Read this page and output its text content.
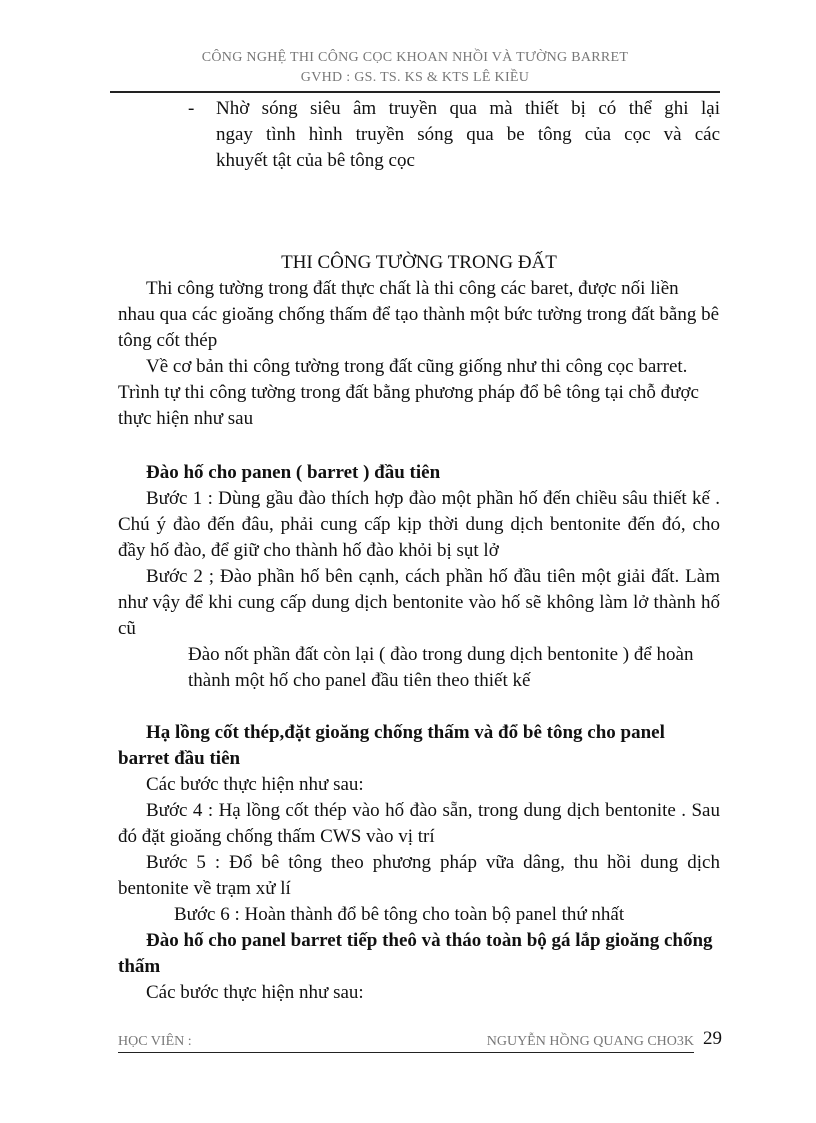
CÔNG NGHỆ THI CÔNG CỌC KHOAN NHỒI VÀ TƯỜNG BARRET
GVHD : GS. TS. KS & KTS LÊ KIỀU
-	Nhờ sóng siêu âm truyền qua mà thiết bị có thể ghi lại
ngay tình hình truyền sóng qua be tông của cọc và các
khuyết tật của bê tông cọc
THI CÔNG TƯỜNG TRONG ĐẤT
Thi công tường trong đất thực chất là thi công các baret, được nối liền nhau qua các gioăng chống thấm để tạo thành một bức tường trong đất bằng bê tông cốt thép
Về cơ bản thi công tường trong đất cũng giống như thi công cọc barret. Trình tự thi công tường trong đất bằng phương pháp đổ bê tông tại chỗ được thực hiện như sau
Đào hố cho panen ( barret ) đầu tiên
Bước 1 : Dùng gầu đào thích hợp đào một phần hố đến chiều sâu thiết kế . Chú ý đào đến đâu, phải cung cấp kịp thời dung dịch bentonite đến đó, cho đầy hố đào, để giữ cho thành hố đào khỏi bị sụt lở
Bước 2 ; Đào phần hố bên cạnh, cách phần hố đầu tiên một giải đất. Làm như vậy để khi cung cấp dung dịch bentonite vào hố sẽ không làm lở thành hố cũ
Đào nốt phần đất còn lại ( đào trong dung dịch bentonite ) để hoàn thành một hố cho panel đầu tiên theo thiết kế
Hạ lồng cốt thép,đặt gioăng chống thấm và đổ bê tông cho panel barret đầu tiên
Các bước thực hiện như sau:
Bước 4 : Hạ lồng cốt thép vào hố đào sẵn, trong dung dịch bentonite . Sau đó đặt gioăng chống thấm CWS vào vị trí
Bước 5 : Đổ bê tông theo phương pháp vữa dâng, thu hồi dung dịch bentonite về trạm xử lí
Bước 6 : Hoàn thành đổ bê tông cho toàn bộ panel thứ nhất
Đào hố cho panel barret tiếp theô và tháo toàn bộ gá lắp gioăng chống thấm
Các bước thực hiện như sau:
HỌC VIÊN :	NGUYỄN HỒNG QUANG CHO3K 29
